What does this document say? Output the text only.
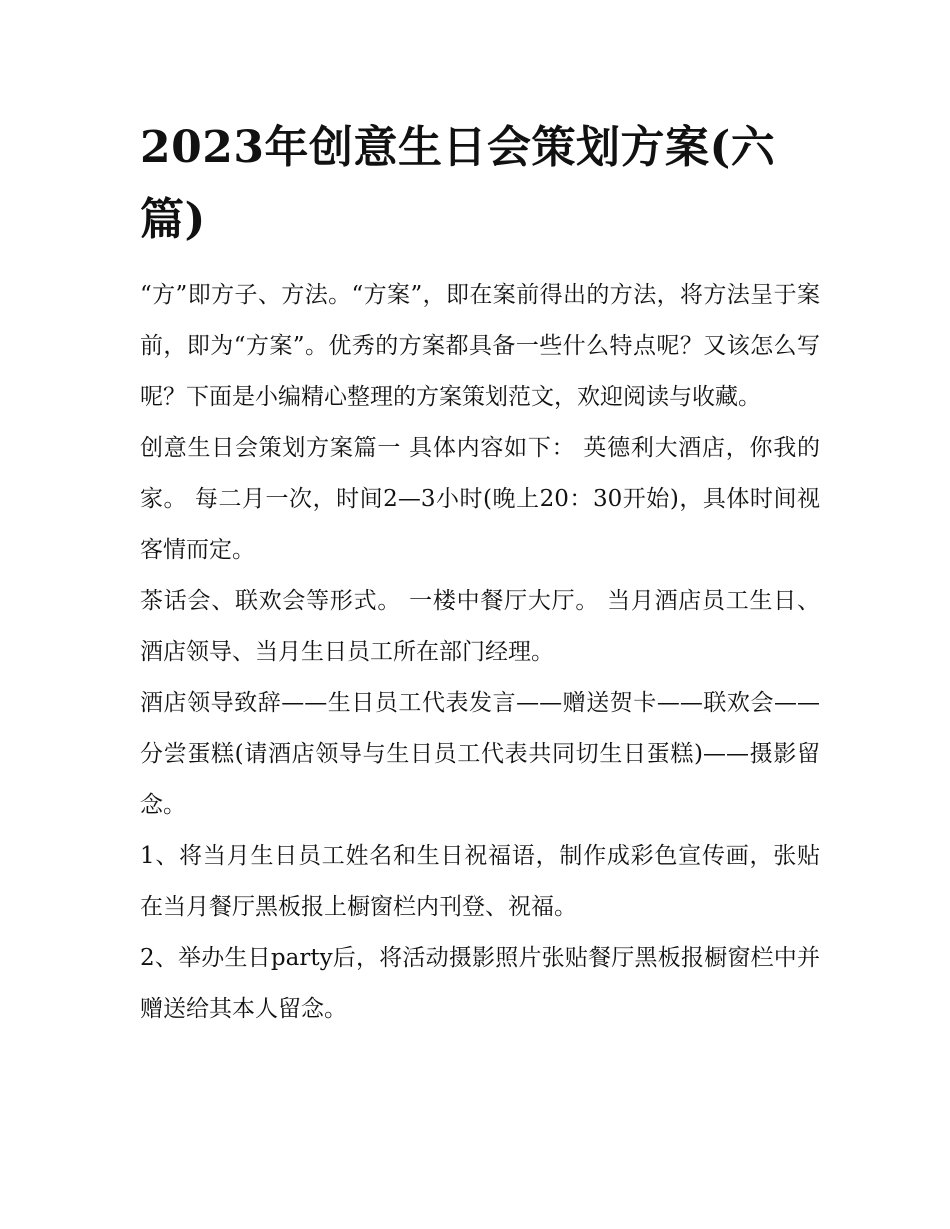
2023年创意生日会策划方案(六篇)

“方”即方子、方法。“方案”，即在案前得出的方法，将方法呈于案前，即为“方案”。优秀的方案都具备一些什么特点呢？又该怎么写呢？下面是小编精心整理的方案策划范文，欢迎阅读与收藏。

创意生日会策划方案篇一 具体内容如下： 英德利大酒店，你我的家。 每二月一次，时间2—3小时(晚上20：30开始)，具体时间视客情而定。

茶话会、联欢会等形式。 一楼中餐厅大厅。 当月酒店员工生日、酒店领导、当月生日员工所在部门经理。

酒店领导致辞——生日员工代表发言——赠送贺卡——联欢会——分尝蛋糕(请酒店领导与生日员工代表共同切生日蛋糕)——摄影留念。

1、将当月生日员工姓名和生日祝福语，制作成彩色宣传画，张贴在当月餐厅黑板报上橱窗栏内刊登、祝福。

2、举办生日party后，将活动摄影照片张贴餐厅黑板报橱窗栏中并赠送给其本人留念。
